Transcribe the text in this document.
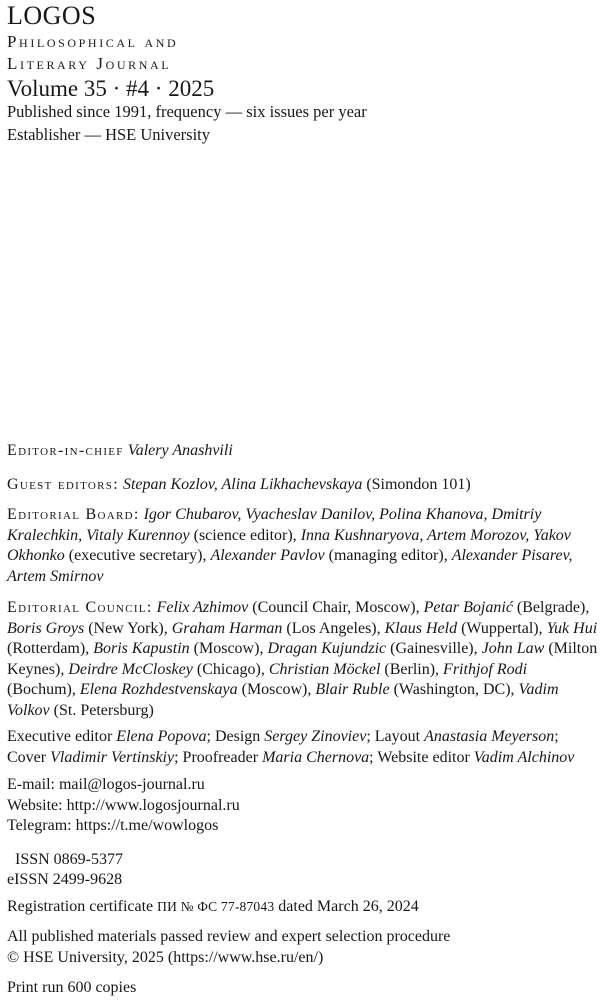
LOGOS
Philosophical and
Literary Journal
Volume 35 · #4 · 2025
Published since 1991, frequency — six issues per year
Establisher — HSE University

Editor-in-chief Valery Anashvili

Guest editors: Stepan Kozlov, Alina Likhachevskaya (Simondon 101)

Editorial Board: Igor Chubarov, Vyacheslav Danilov, Polina Khanova, Dmitriy Kralechkin, Vitaly Kurennoy (science editor), Inna Kushnaryova, Artem Morozov, Yakov Okhonko (executive secretary), Alexander Pavlov (managing editor), Alexander Pisarev, Artem Smirnov

Editorial Council: Felix Azhimov (Council Chair, Moscow), Petar Bojanić (Belgrade), Boris Groys (New York), Graham Harman (Los Angeles), Klaus Held (Wuppertal), Yuk Hui (Rotterdam), Boris Kapustin (Moscow), Dragan Kujundzic (Gainesville), John Law (Milton Keynes), Deirdre McCloskey (Chicago), Christian Möckel (Berlin), Frithjof Rodi (Bochum), Elena Rozhdestvenskaya (Moscow), Blair Ruble (Washington, DC), Vadim Volkov (St. Petersburg)

Executive editor Elena Popova; Design Sergey Zinoviev; Layout Anastasia Meyerson; Cover Vladimir Vertinskiy; Proofreader Maria Chernova; Website editor Vadim Alchinov

E-mail: mail@logos-journal.ru
Website: http://www.logosjournal.ru
Telegram: https://t.me/wowlogos

ISSN 0869-5377
eISSN 2499-9628

Registration certificate ПИ № ФС 77-87043 dated March 26, 2024

All published materials passed review and expert selection procedure
© HSE University, 2025 (https://www.hse.ru/en/)

Print run 600 copies
